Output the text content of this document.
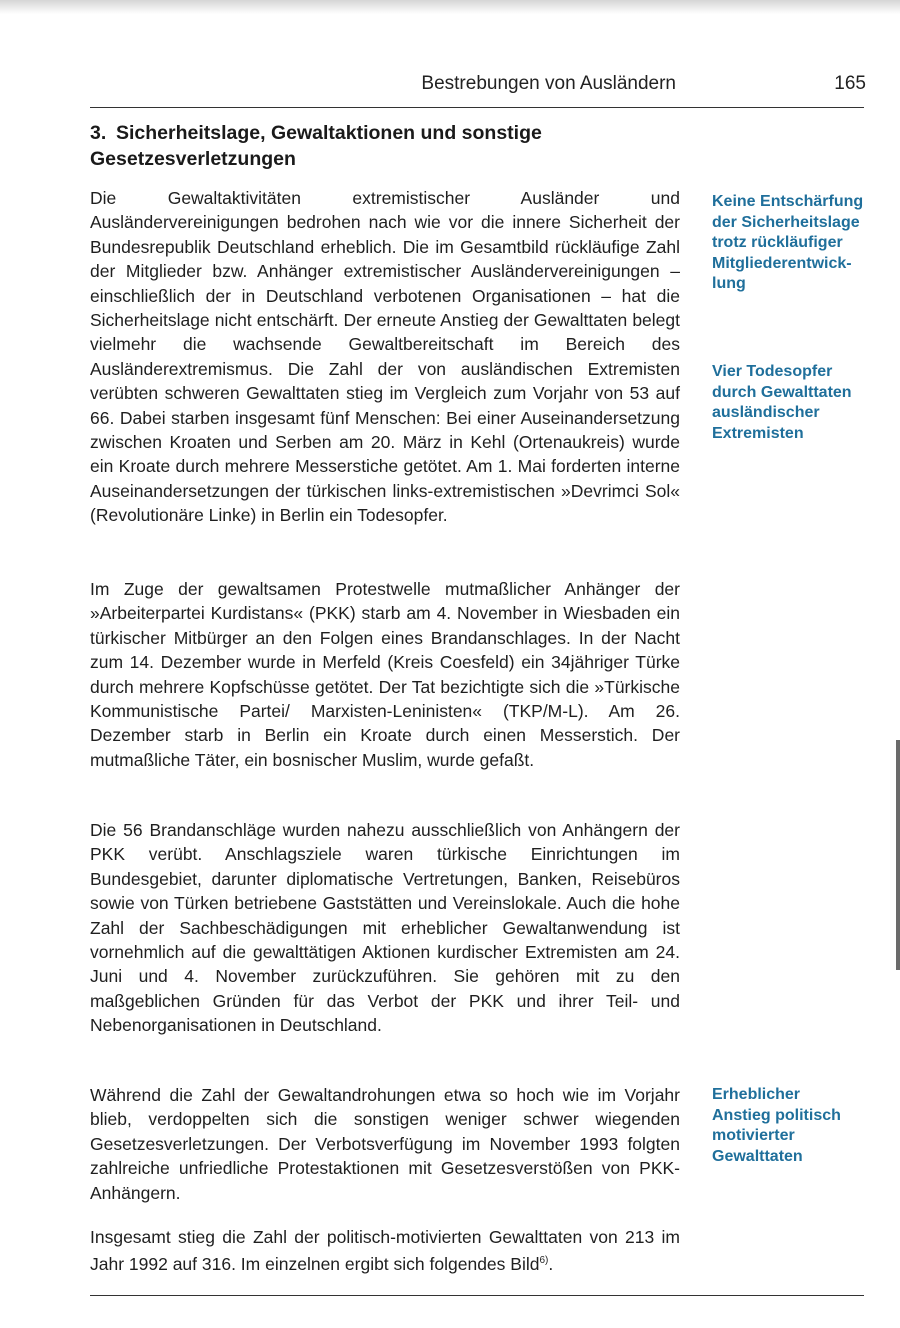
Bestrebungen von Ausländern	165
3. Sicherheitslage, Gewaltaktionen und sonstige Gesetzesverletzungen

Die Gewaltaktivitäten extremistischer Ausländer und Ausländervereinigungen bedrohen nach wie vor die innere Sicherheit der Bundesrepublik Deutschland erheblich. Die im Gesamtbild rückläufige Zahl der Mitglieder bzw. Anhänger extremistischer Ausländervereinigungen – einschließlich der in Deutschland verbotenen Organisationen – hat die Sicherheitslage nicht entschärft. Der erneute Anstieg der Gewalttaten belegt vielmehr die wachsende Gewaltbereitschaft im Bereich des Ausländerextremismus. Die Zahl der von ausländischen Extremisten verübten schweren Gewalttaten stieg im Vergleich zum Vorjahr von 53 auf 66. Dabei starben insgesamt fünf Menschen: Bei einer Auseinandersetzung zwischen Kroaten und Serben am 20. März in Kehl (Ortenaukreis) wurde ein Kroate durch mehrere Messerstiche getötet. Am 1. Mai forderten interne Auseinandersetzungen der türkischen links-extremistischen »Devrimci Sol« (Revolutionäre Linke) in Berlin ein Todesopfer.

Im Zuge der gewaltsamen Protestwelle mutmaßlicher Anhänger der »Arbeiterpartei Kurdistans« (PKK) starb am 4. November in Wiesbaden ein türkischer Mitbürger an den Folgen eines Brandanschlages. In der Nacht zum 14. Dezember wurde in Merfeld (Kreis Coesfeld) ein 34jähriger Türke durch mehrere Kopfschüsse getötet. Der Tat bezichtigte sich die »Türkische Kommunistische Partei/ Marxisten-Leninisten« (TKP/M-L). Am 26. Dezember starb in Berlin ein Kroate durch einen Messerstich. Der mutmaßliche Täter, ein bosnischer Muslim, wurde gefaßt.

Die 56 Brandanschläge wurden nahezu ausschließlich von Anhängern der PKK verübt. Anschlagsziele waren türkische Einrichtungen im Bundesgebiet, darunter diplomatische Vertretungen, Banken, Reisebüros sowie von Türken betriebene Gaststätten und Vereinslokale. Auch die hohe Zahl der Sachbeschädigungen mit erheblicher Gewaltanwendung ist vornehmlich auf die gewalttätigen Aktionen kurdischer Extremisten am 24. Juni und 4. November zurückzuführen. Sie gehören mit zu den maßgeblichen Gründen für das Verbot der PKK und ihrer Teil- und Nebenorganisationen in Deutschland.

Während die Zahl der Gewaltandrohungen etwa so hoch wie im Vorjahr blieb, verdoppelten sich die sonstigen weniger schwer wiegenden Gesetzesverletzungen. Der Verbotsverfügung im November 1993 folgten zahlreiche unfriedliche Protestaktionen mit Gesetzesverstößen von PKK-Anhängern.

Insgesamt stieg die Zahl der politisch-motivierten Gewalttaten von 213 im Jahr 1992 auf 316. Im einzelnen ergibt sich folgendes Bild$^{6)}$.

Keine Entschärfung
der Sicherheitslage
trotz rückläufiger
Mitgliederentwick-
lung
Vier Todesopfer
durch Gewalttaten
ausländischer
Extremisten
Erheblicher
Anstieg politisch
motivierter
Gewalttaten
